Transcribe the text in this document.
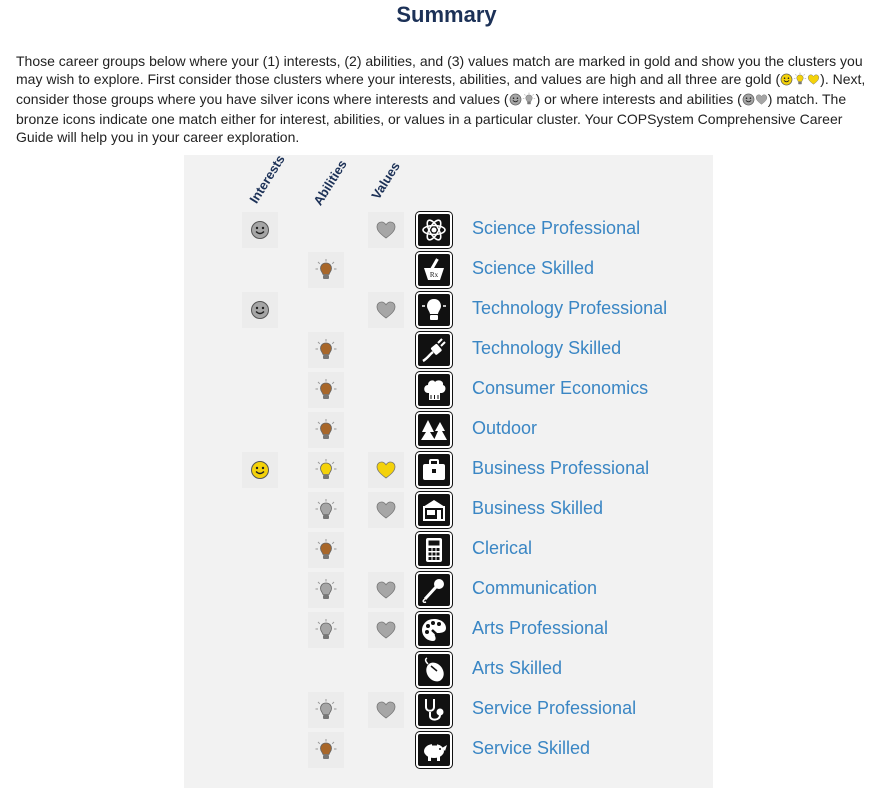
Summary

Those career groups below where your (1) interests, (2) abilities, and (3) values match are marked in gold and show you the clusters you may wish to explore. First consider those clusters where your interests, abilities, and values are high and all three are gold (	). Next, consider those groups where you have silver icons where interests and values ( ) or where interests and abilities ( ) match. The bronze icons indicate one match either for interest, abilities, or values in a particular cluster. Your COPSystem Comprehensive Career Guide will help you in your career exploration.

Interests Abilities Values
Science Professional
Rx Science Skilled
Technology Professional
Technology Skilled
Consumer Economics
Outdoor
Business Professional
Business Skilled
Clerical
Communication
Arts Professional
Arts Skilled
Service Professional
Service Skilled
